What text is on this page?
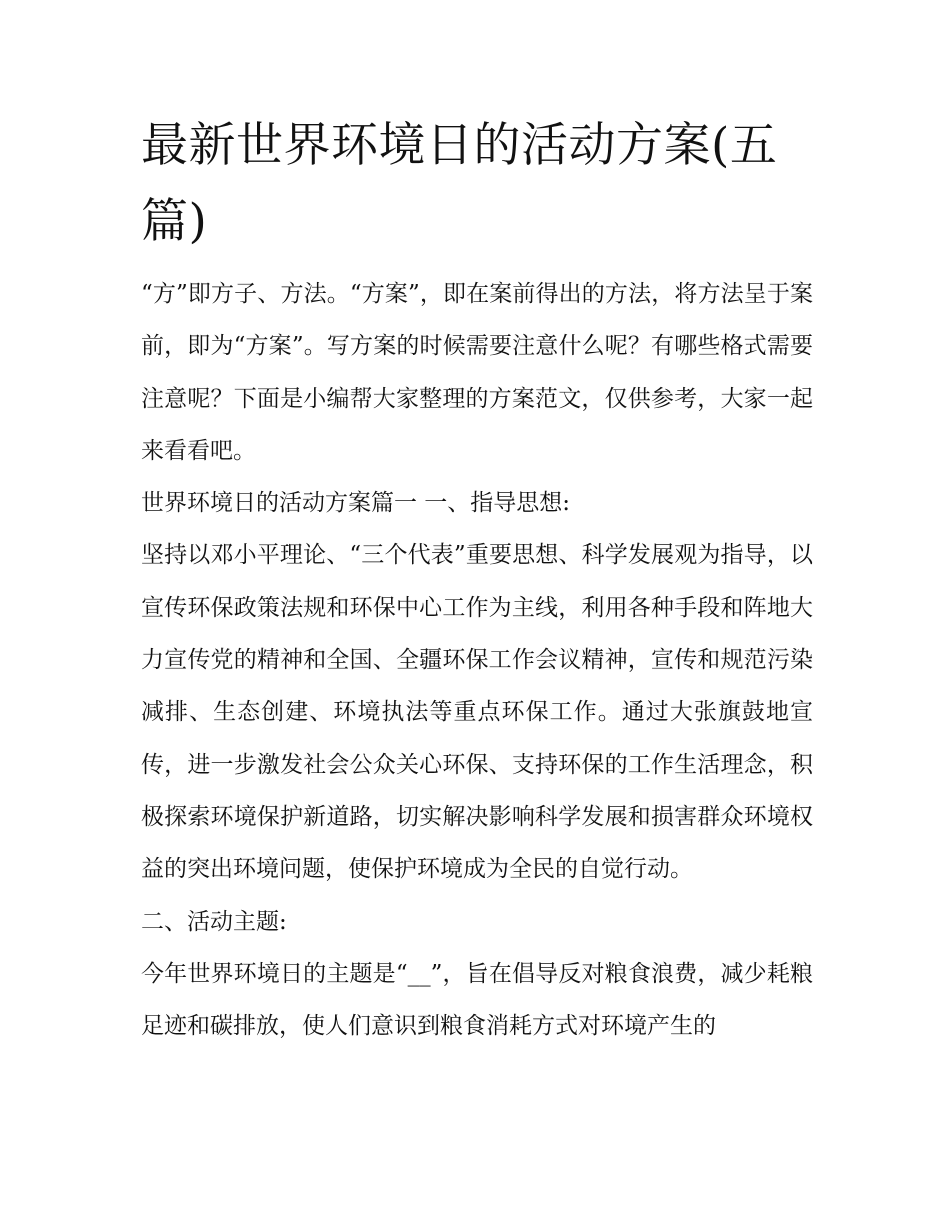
最新世界环境日的活动方案(五篇)

“方”即方子、方法。“方案”，即在案前得出的方法，将方法呈于案前，即为“方案”。写方案的时候需要注意什么呢？有哪些格式需要注意呢？下面是小编帮大家整理的方案范文，仅供参考，大家一起来看看吧。

世界环境日的活动方案篇一 一、指导思想:

坚持以邓小平理论、“三个代表”重要思想、科学发展观为指导，以宣传环保政策法规和环保中心工作为主线，利用各种手段和阵地大力宣传党的精神和全国、全疆环保工作会议精神，宣传和规范污染减排、生态创建、环境执法等重点环保工作。通过大张旗鼓地宣传，进一步激发社会公众关心环保、支持环保的工作生活理念，积极探索环境保护新道路，切实解决影响科学发展和损害群众环境权益的突出环境问题，使保护环境成为全民的自觉行动。

二、活动主题:

今年世界环境日的主题是“__”，旨在倡导反对粮食浪费，减少耗粮足迹和碳排放，使人们意识到粮食消耗方式对环境产生的
